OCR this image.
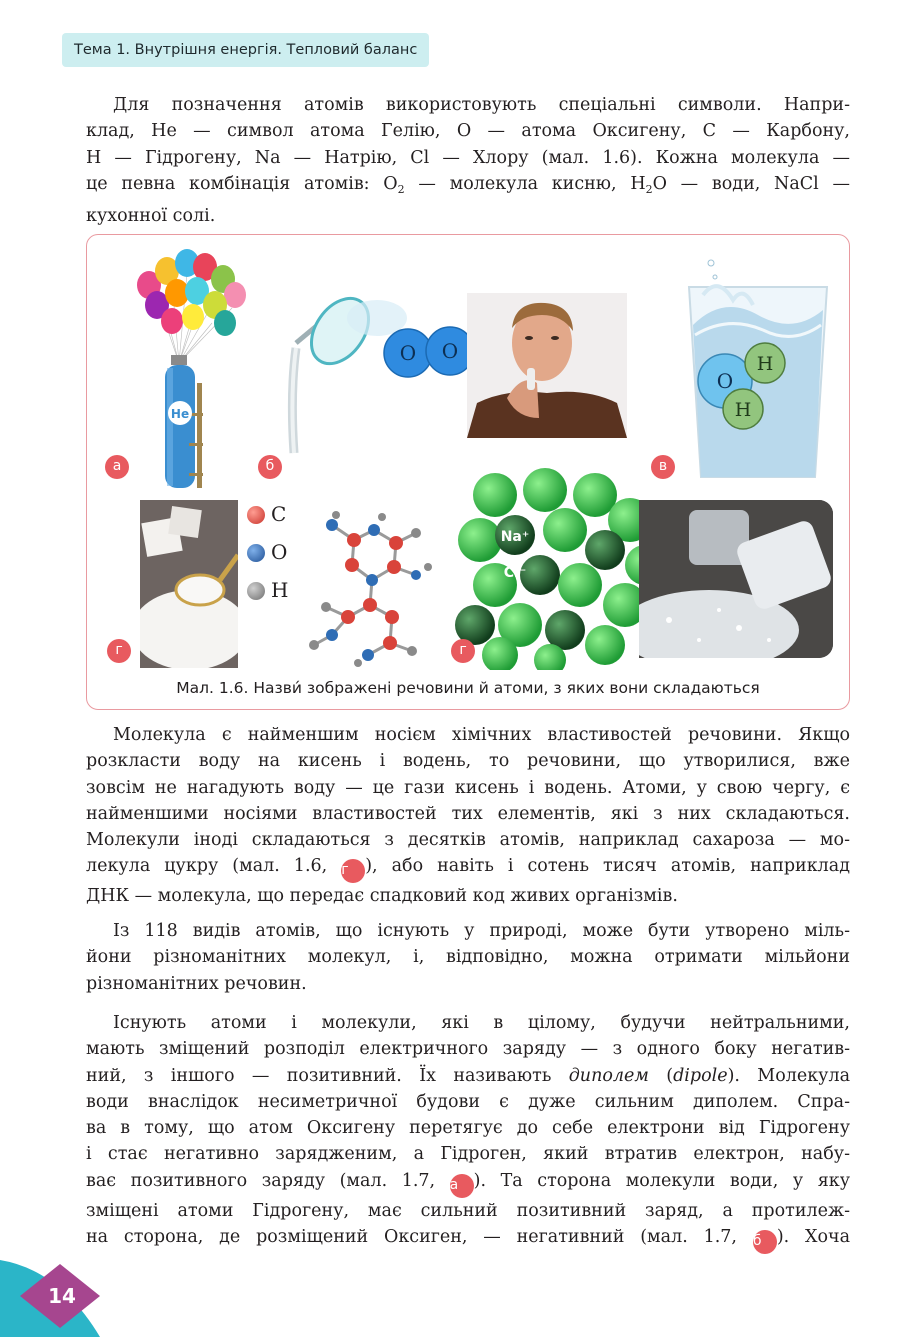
Тема 1. Внутрішня енергія. Тепловий баланс
Для позначення атомів використовують спеціальні символи. Напри-
клад, He — символ атома Гелію, O — атома Оксигену, C — Карбону,
H — Гідрогену, Na — Натрію, Cl — Хлору (мал. 1.6). Кожна молекула —
це певна комбінація атомів: $O_2$ — молекула кисню, $H_2O$ — води, NaCl —
кухонної солі.
He
а
O O
б
O
H
H
в
г
C
O
H
Na⁺
Cl⁻
г
Мал. 1.6. Назви́ зображені речовини й атоми, з яких вони складаються
Молекула є найменшим носієм хімічних властивостей речовини. Якщо
розкласти воду на кисень і водень, то речовини, що утворилися, вже
зовсім не нагадують воду — це гази кисень і водень. Атоми, у свою чергу, є
найменшими носіями властивостей тих елементів, які з них складаються.
Молекули іноді складаються з десятків атомів, наприклад сахароза — мо-
лекула цукру (мал. 1.6, г ), або навіть і сотень тисяч атомів, наприклад
ДНК — молекула, що передає спадковий код живих організмів.
Із 118 видів атомів, що існують у природі, може бути утворено міль-
йони різноманітних молекул, і, відповідно, можна отримати мільйони
різноманітних речовин.
Існують атоми і молекули, які в цілому, будучи нейтральними,
мають зміщений розподіл електричного заряду — з одного боку негатив-
ний, з іншого — позитивний. Їх називають диполем (dipole). Молекула
води внаслідок несиметричної будови є дуже сильним диполем. Спра-
ва в тому, що атом Оксигену перетягує до себе електрони від Гідрогену
і стає негативно зарядженим, а Гідроген, який втратив електрон, набу-
ває позитивного заряду (мал. 1.7, а ). Та сторона молекули води, у яку
зміщені атоми Гідрогену, має сильний позитивний заряд, а протилеж-
на сторона, де розміщений Оксиген, — негативний (мал. 1.7, б ). Хоча
14
